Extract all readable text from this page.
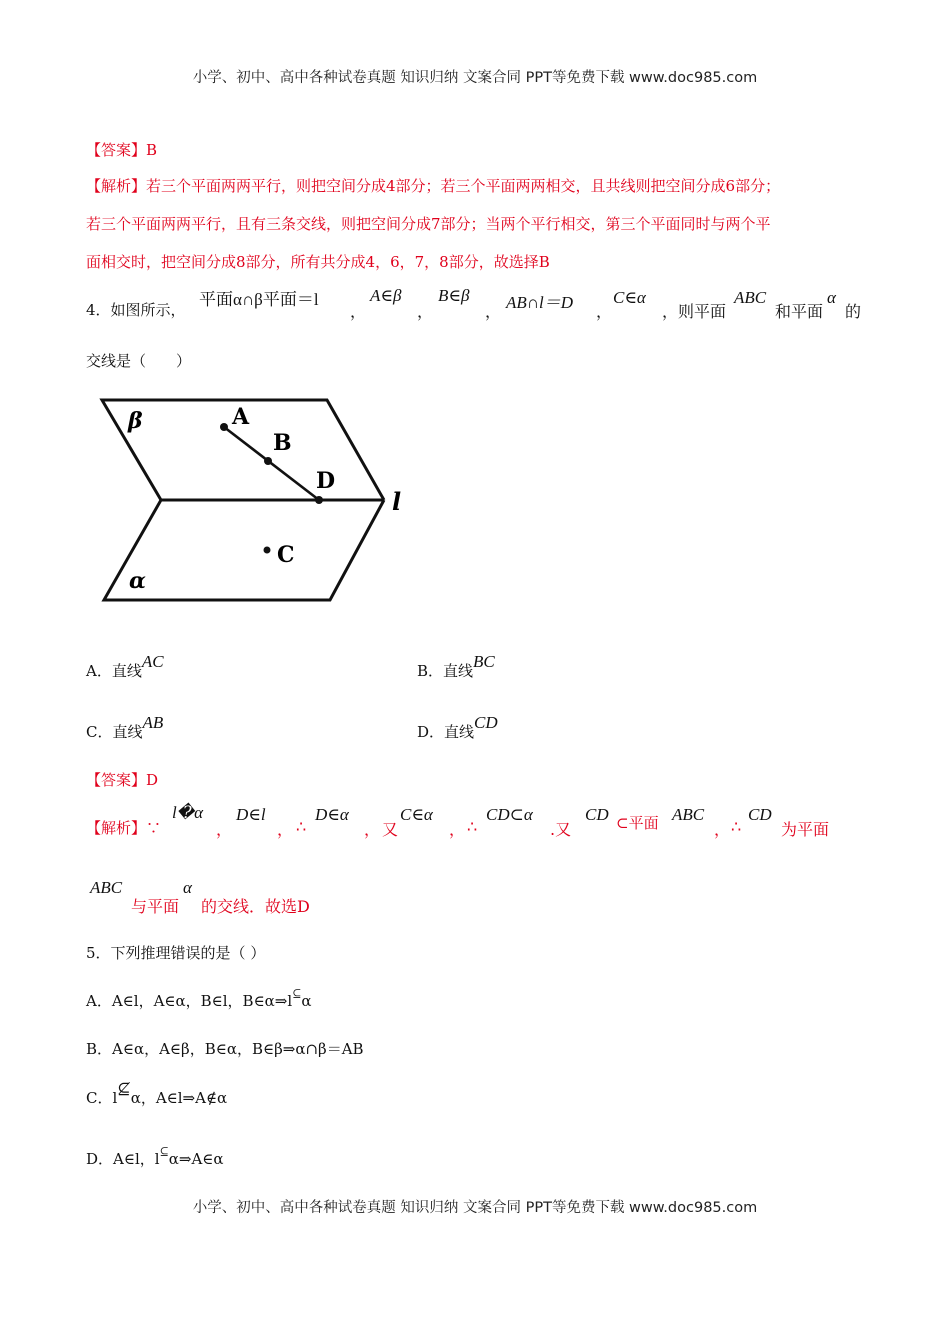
小学、初中、高中各种试卷真题 知识归纳 文案合同 PPT等免费下载 www.doc985.com
【答案】B
【解析】若三个平面两两平行，则把空间分成4部分；若三个平面两两相交，且共线则把空间分成6部分；
若三个平面两两平行，且有三条交线，则把空间分成7部分；当两个平行相交，第三个平面同时与两个平
面相交时，把空间分成8部分，所有共分成4，6，7，8部分，故选择B
4．如图所示，
平面α∩β平面＝l
，
A∈β
，
B∈β
， AB∩l＝D ，
C∈α
，则平面
ABC
和平面
α
的
交线是（　　）
β	A
B
D
C
α
l
A．直线AC	B．直线BC
C．直线AB	D．直线CD
【答案】D
【解析】∵
l�α
，
D∈l
， ∴
D∈α
， 又
C∈α
， ∴
CD⊂α
.又
CD ⊂平面 ABC
， ∴
CD
为平面
ABC
与平面
α
的交线．故选D
5．下列推理错误的是（ ）
A．A∈l，A∈α，B∈l，B∈α⇒l⊆α
B．A∈α，A∈β，B∈α，B∈β⇒α∩β＝AB
C．l⊈α，A∈l⇒A∉α
D．A∈l，l⊆α⇒A∈α
小学、初中、高中各种试卷真题 知识归纳 文案合同 PPT等免费下载 www.doc985.com
